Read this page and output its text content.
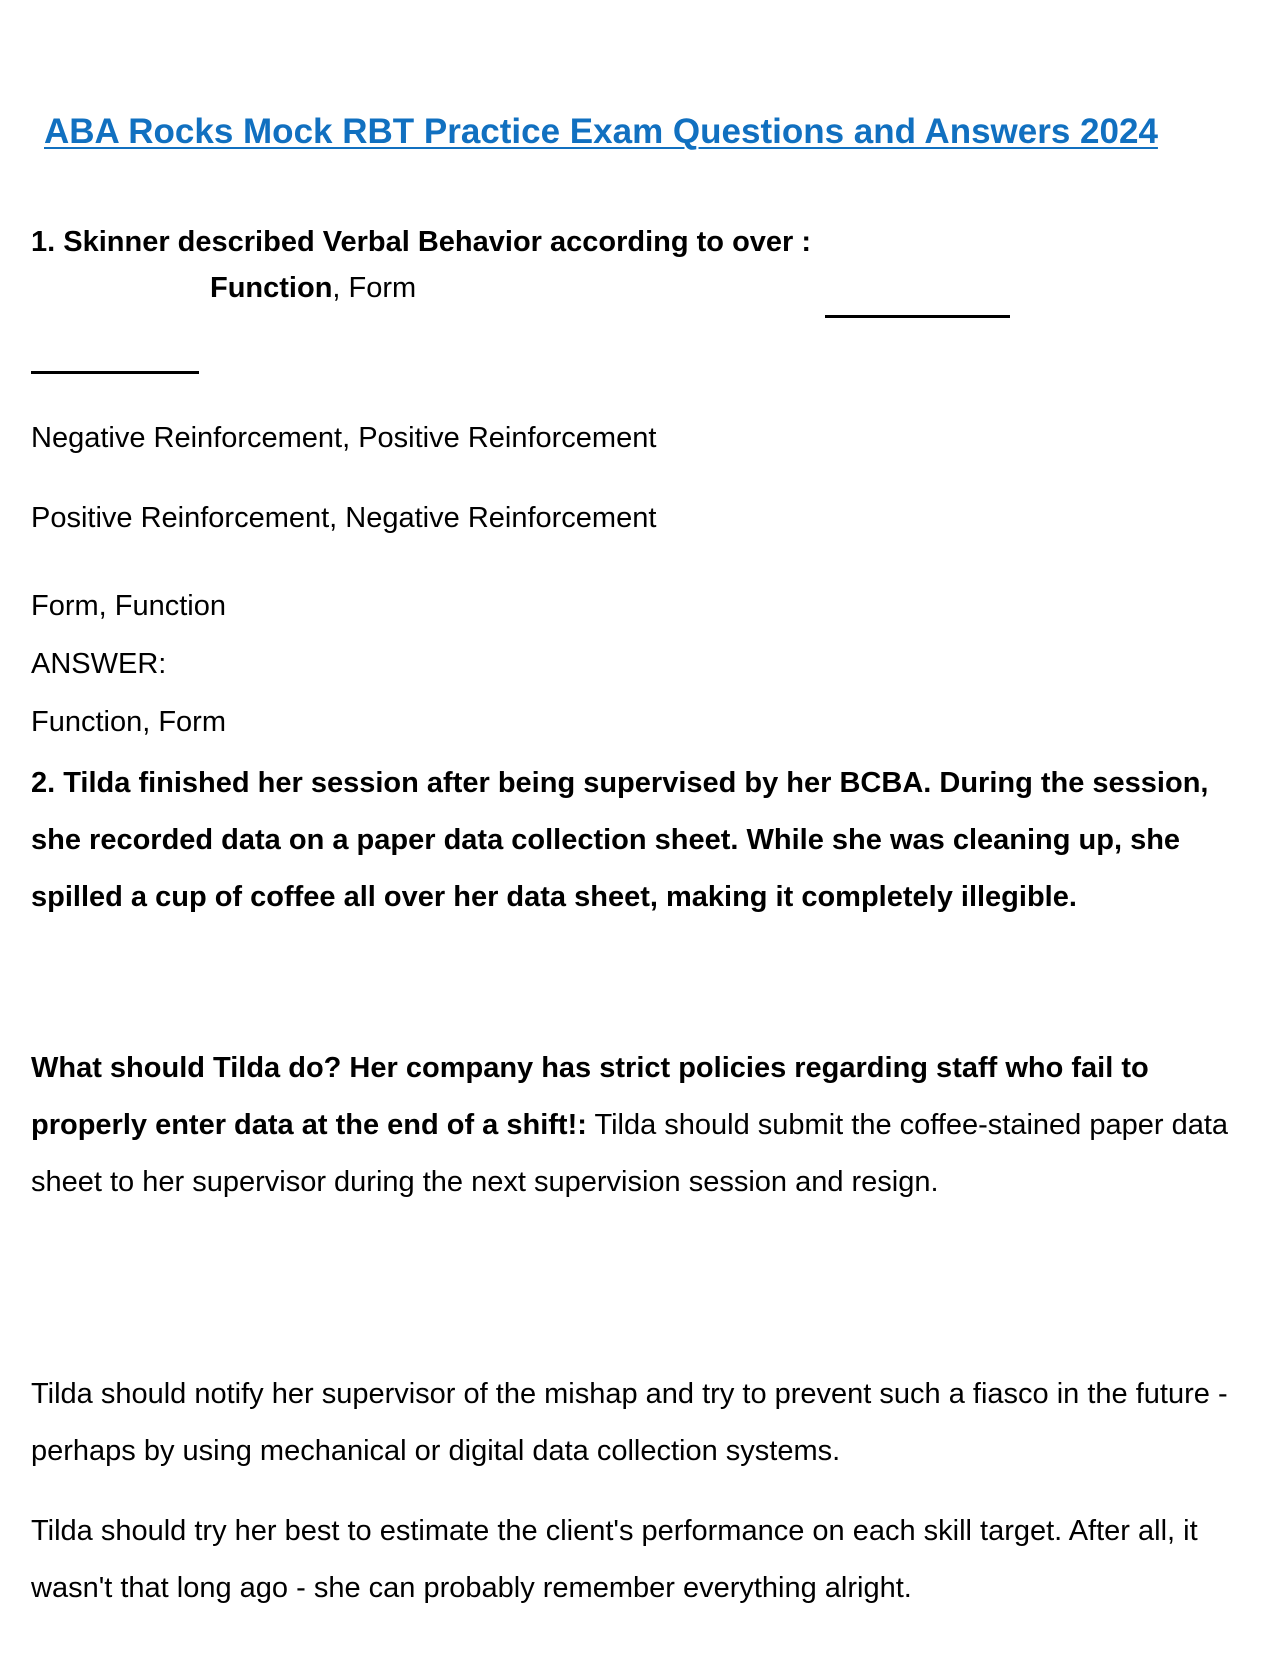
ABA Rocks Mock RBT Practice Exam Questions and Answers 2024
1. Skinner described Verbal Behavior according to over :
Function, Form
Negative Reinforcement, Positive Reinforcement
Positive Reinforcement, Negative Reinforcement
Form, Function
ANSWER:
Function, Form
2. Tilda finished her session after being supervised by her BCBA. During the session, she recorded data on a paper data collection sheet. While she was cleaning up, she spilled a cup of coffee all over her data sheet, making it completely illegible.
What should Tilda do? Her company has strict policies regarding staff who fail to properly enter data at the end of a shift!: Tilda should submit the coffee-stained paper data sheet to her supervisor during the next supervision session and resign.
Tilda should notify her supervisor of the mishap and try to prevent such a fiasco in the future - perhaps by using mechanical or digital data collection systems.
Tilda should try her best to estimate the client's performance on each skill target. After all, it wasn't that long ago - she can probably remember everything alright.
